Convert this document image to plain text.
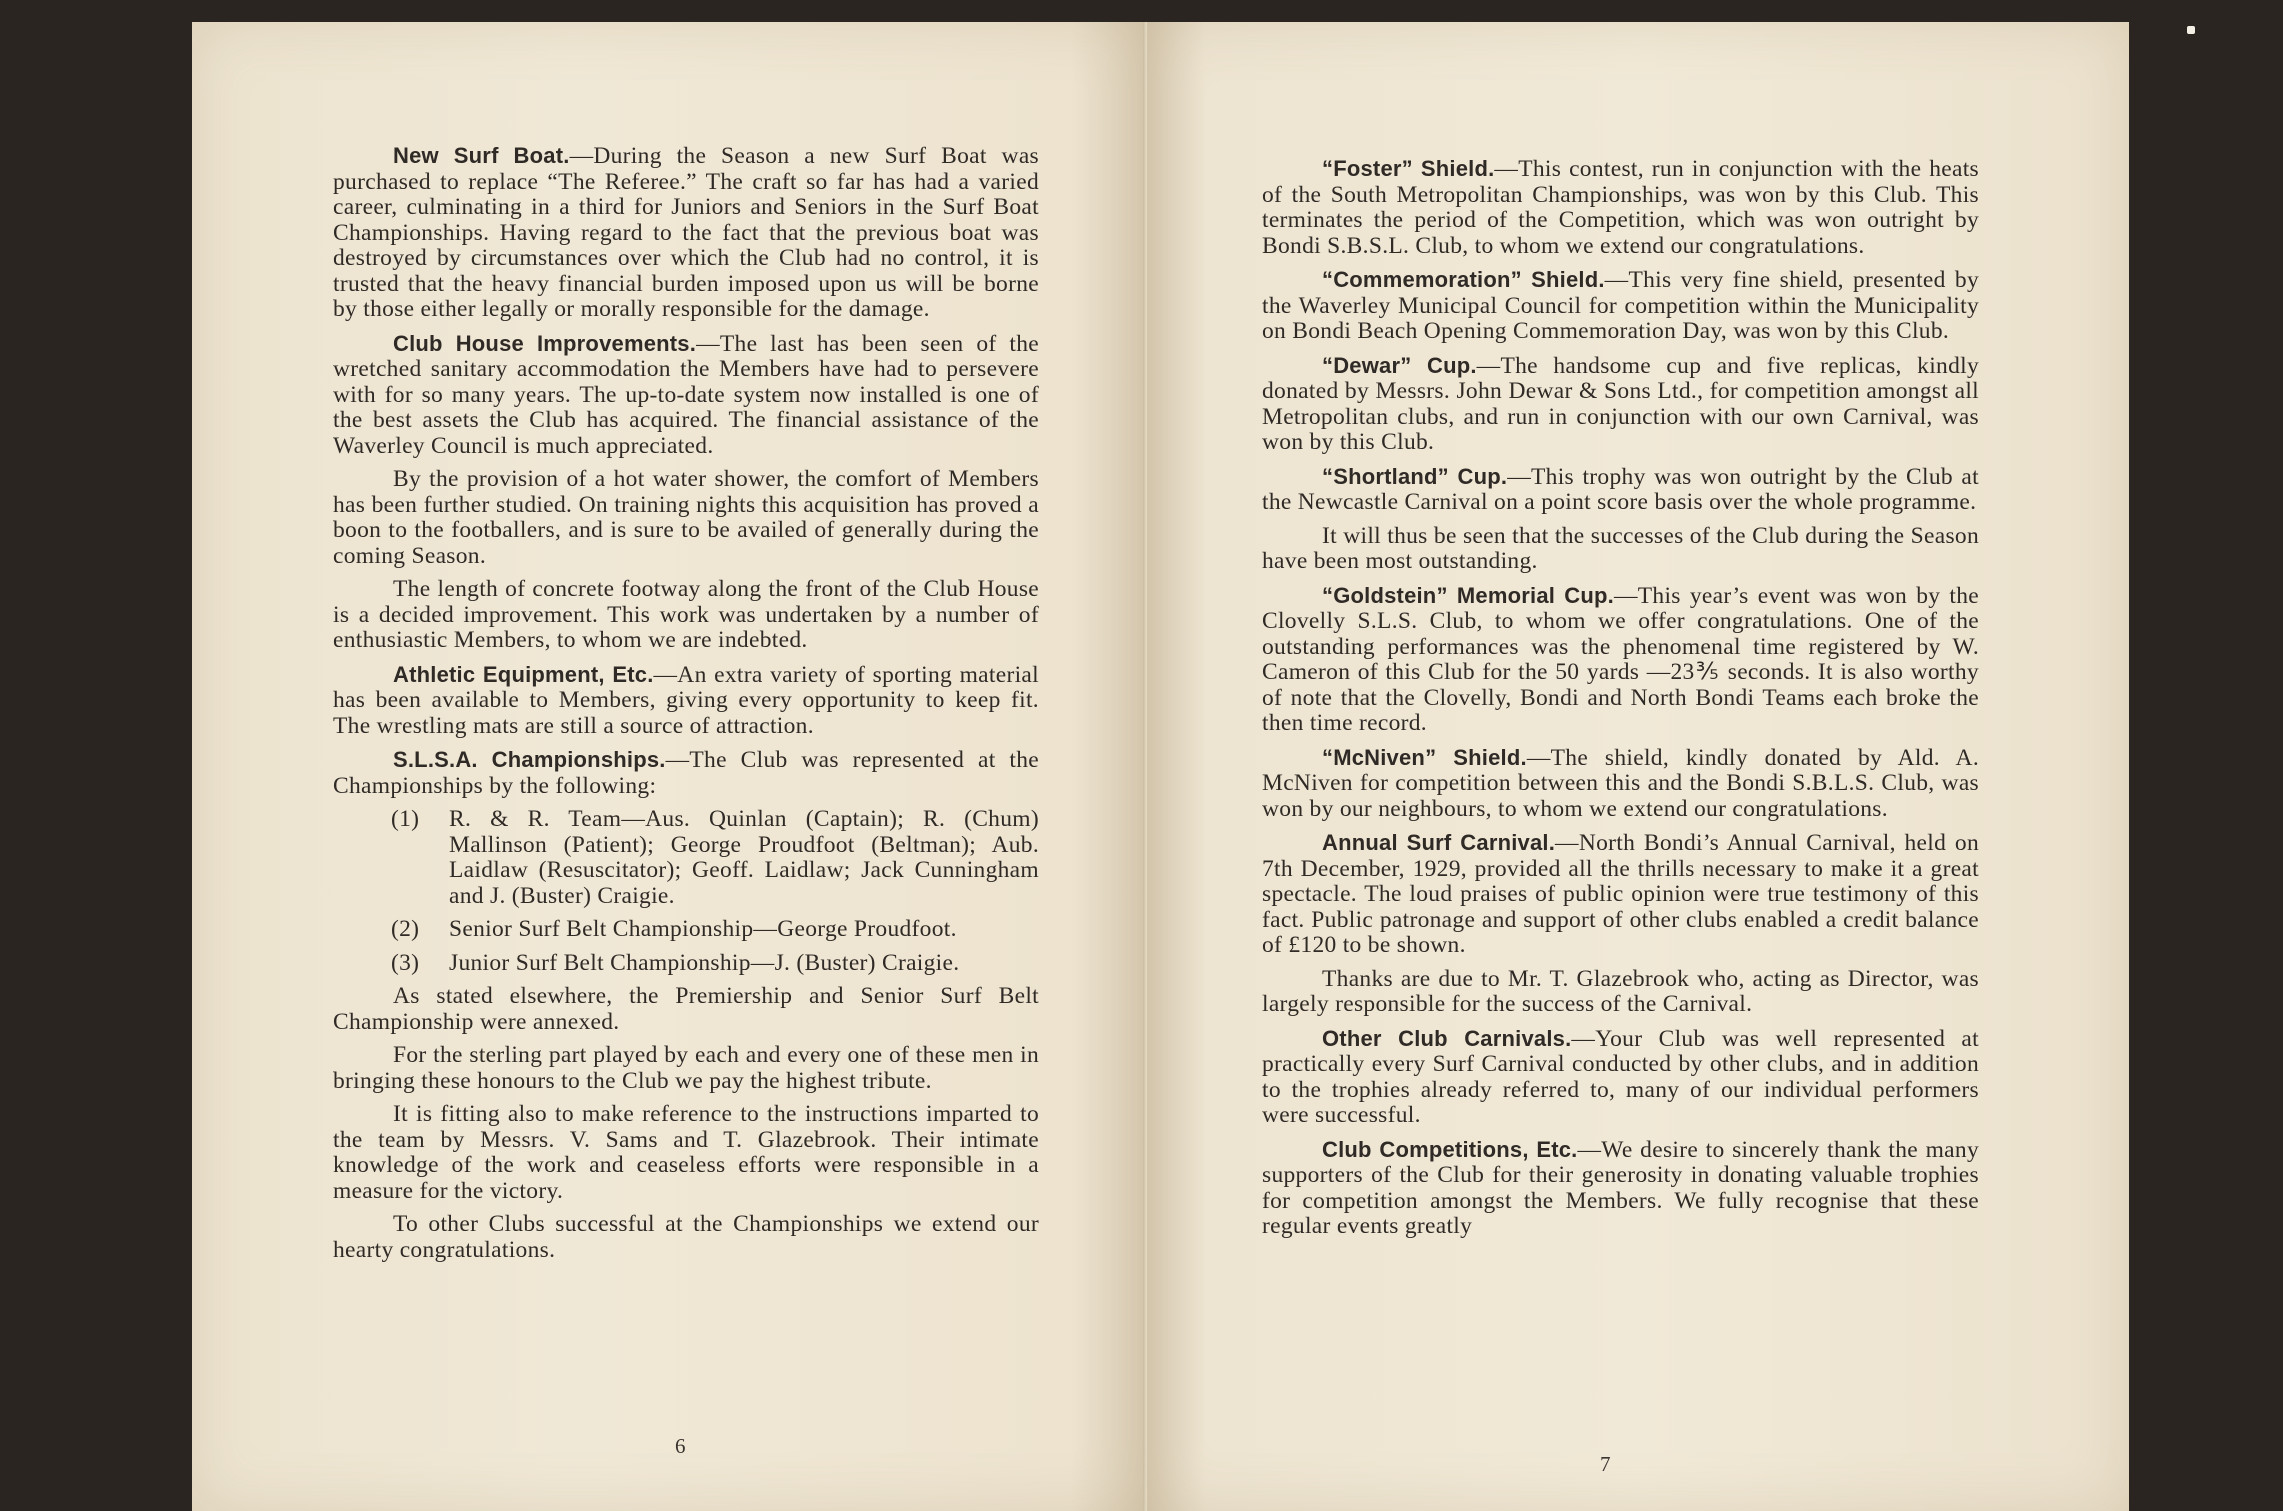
New Surf Boat.—During the Season a new Surf Boat was purchased to replace “The Referee.” The craft so far has had a varied career, culminating in a third for Juniors and Seniors in the Surf Boat Championships. Having regard to the fact that the previous boat was destroyed by circumstances over which the Club had no control, it is trusted that the heavy financial burden imposed upon us will be borne by those either legally or morally responsible for the damage.

Club House Improvements.—The last has been seen of the wretched sanitary accommodation the Members have had to persevere with for so many years. The up-to-date system now installed is one of the best assets the Club has acquired. The financial assistance of the Waverley Council is much appreciated.

By the provision of a hot water shower, the comfort of Members has been further studied. On training nights this acquisition has proved a boon to the footballers, and is sure to be availed of generally during the coming Season.

The length of concrete footway along the front of the Club House is a decided improvement. This work was undertaken by a number of enthusiastic Members, to whom we are indebted.

Athletic Equipment, Etc.—An extra variety of sporting material has been available to Members, giving every opportunity to keep fit. The wrestling mats are still a source of attraction.

S.L.S.A. Championships.—The Club was represented at the Championships by the following:

(1)	R. & R. Team—Aus. Quinlan (Captain); R. (Chum) Mallinson (Patient); George Proudfoot (Beltman); Aub. Laidlaw (Resuscitator); Geoff. Laidlaw; Jack Cunningham and J. (Buster) Craigie.
(2)	Senior Surf Belt Championship—George Proudfoot.
(3)	Junior Surf Belt Championship—J. (Buster) Craigie.

As stated elsewhere, the Premiership and Senior Surf Belt Championship were annexed.

For the sterling part played by each and every one of these men in bringing these honours to the Club we pay the highest tribute.

It is fitting also to make reference to the instructions imparted to the team by Messrs. V. Sams and T. Glazebrook. Their intimate knowledge of the work and ceaseless efforts were responsible in a measure for the victory.

To other Clubs successful at the Championships we extend our hearty congratulations.

6

“Foster” Shield.—This contest, run in conjunction with the heats of the South Metropolitan Championships, was won by this Club. This terminates the period of the Competition, which was won outright by Bondi S.B.S.L. Club, to whom we extend our congratulations.

“Commemoration” Shield.—This very fine shield, presented by the Waverley Municipal Council for competition within the Municipality on Bondi Beach Opening Commemoration Day, was won by this Club.

“Dewar” Cup.—The handsome cup and five replicas, kindly donated by Messrs. John Dewar & Sons Ltd., for competition amongst all Metropolitan clubs, and run in conjunction with our own Carnival, was won by this Club.

“Shortland” Cup.—This trophy was won outright by the Club at the Newcastle Carnival on a point score basis over the whole programme.

It will thus be seen that the successes of the Club during the Season have been most outstanding.

“Goldstein” Memorial Cup.—This year’s event was won by the Clovelly S.L.S. Club, to whom we offer congratulations. One of the outstanding performances was the phenomenal time registered by W. Cameron of this Club for the 50 yards —23⅗ seconds. It is also worthy of note that the Clovelly, Bondi and North Bondi Teams each broke the then time record.

“McNiven” Shield.—The shield, kindly donated by Ald. A. McNiven for competition between this and the Bondi S.B.L.S. Club, was won by our neighbours, to whom we extend our congratulations.

Annual Surf Carnival.—North Bondi’s Annual Carnival, held on 7th December, 1929, provided all the thrills necessary to make it a great spectacle. The loud praises of public opinion were true testimony of this fact. Public patronage and support of other clubs enabled a credit balance of £120 to be shown.

Thanks are due to Mr. T. Glazebrook who, acting as Director, was largely responsible for the success of the Carnival.

Other Club Carnivals.—Your Club was well represented at practically every Surf Carnival conducted by other clubs, and in addition to the trophies already referred to, many of our individual performers were successful.

Club Competitions, Etc.—We desire to sincerely thank the many supporters of the Club for their generosity in donating valuable trophies for competition amongst the Members. We fully recognise that these regular events greatly

7
